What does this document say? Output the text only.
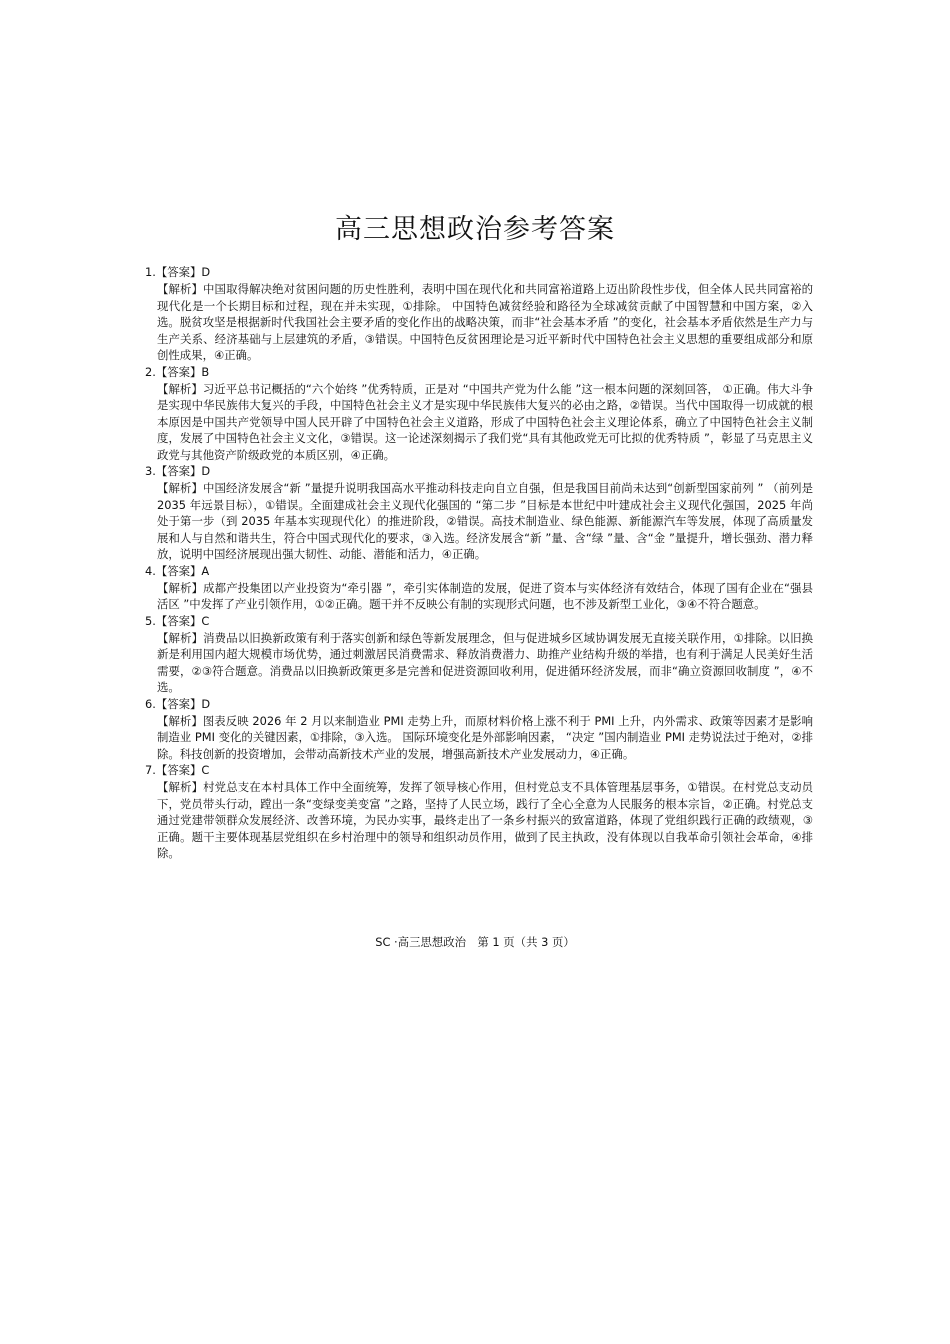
高三思想政治参考答案
1.【答案】D
【解析】中国取得解决绝对贫困问题的历史性胜利，表明中国在现代化和共同富裕道路上迈出阶段性步伐，但全体人民共同富裕的现代化是一个长期目标和过程，现在并未实现，①排除。 中国特色减贫经验和路径为全球减贫贡献了中国智慧和中国方案，②入选。脱贫攻坚是根据新时代我国社会主要矛盾的变化作出的战略决策，而非“社会基本矛盾 ”的变化，社会基本矛盾依然是生产力与生产关系、经济基础与上层建筑的矛盾，③错误。中国特色反贫困理论是习近平新时代中国特色社会主义思想的重要组成部分和原创性成果，④正确。
2.【答案】B
【解析】习近平总书记概括的“六个始终 ”优秀特质，正是对 “中国共产党为什么能 ”这一根本问题的深刻回答， ①正确。伟大斗争是实现中华民族伟大复兴的手段，中国特色社会主义才是实现中华民族伟大复兴的必由之路，②错误。当代中国取得一切成就的根本原因是中国共产党领导中国人民开辟了中国特色社会主义道路，形成了中国特色社会主义理论体系，确立了中国特色社会主义制度，发展了中国特色社会主义文化，③错误。这一论述深刻揭示了我们党“具有其他政党无可比拟的优秀特质 ”，彰显了马克思主义政党与其他资产阶级政党的本质区别，④正确。
3.【答案】D
【解析】中国经济发展含“新 ”量提升说明我国高水平推动科技走向自立自强，但是我国目前尚未达到“创新型国家前列 ” （前列是 2035 年远景目标），①错误。全面建成社会主义现代化强国的 “第二步 ”目标是本世纪中叶建成社会主义现代化强国，2025 年尚处于第一步（到 2035 年基本实现现代化）的推进阶段，②错误。高技术制造业、绿色能源、新能源汽车等发展，体现了高质量发展和人与自然和谐共生，符合中国式现代化的要求，③入选。经济发展含“新 ”量、含“绿 ”量、含“金 ”量提升，增长强劲、潜力释放，说明中国经济展现出强大韧性、动能、潜能和活力，④正确。
4.【答案】A
【解析】成都产投集团以产业投资为“牵引器 ”，牵引实体制造的发展，促进了资本与实体经济有效结合，体现了国有企业在“强县活区 ”中发挥了产业引领作用，①②正确。题干并不反映公有制的实现形式问题，也不涉及新型工业化，③④不符合题意。
5.【答案】C
【解析】消费品以旧换新政策有利于落实创新和绿色等新发展理念，但与促进城乡区域协调发展无直接关联作用，①排除。以旧换新是利用国内超大规模市场优势，通过刺激居民消费需求、释放消费潜力、助推产业结构升级的举措，也有利于满足人民美好生活需要，②③符合题意。消费品以旧换新政策更多是完善和促进资源回收利用，促进循环经济发展，而非“确立资源回收制度 ”，④不选。
6.【答案】D
【解析】图表反映 2026 年 2 月以来制造业 PMI 走势上升，而原材料价格上涨不利于 PMI 上升，内外需求、政策等因素才是影响制造业 PMI 变化的关键因素，①排除，③入选。 国际环境变化是外部影响因素， “决定 ”国内制造业 PMI 走势说法过于绝对，②排除。科技创新的投资增加，会带动高新技术产业的发展，增强高新技术产业发展动力，④正确。
7.【答案】C
【解析】村党总支在本村具体工作中全面统筹，发挥了领导核心作用，但村党总支不具体管理基层事务，①错误。在村党总支动员下，党员带头行动，蹚出一条“变绿变美变富 ”之路，坚持了人民立场，践行了全心全意为人民服务的根本宗旨，②正确。村党总支通过党建带领群众发展经济、改善环境，为民办实事，最终走出了一条乡村振兴的致富道路，体现了党组织践行正确的政绩观，③正确。题干主要体现基层党组织在乡村治理中的领导和组织动员作用，做到了民主执政，没有体现以自我革命引领社会革命，④排除。
SC ·高三思想政治　第 1 页（共 3 页）
